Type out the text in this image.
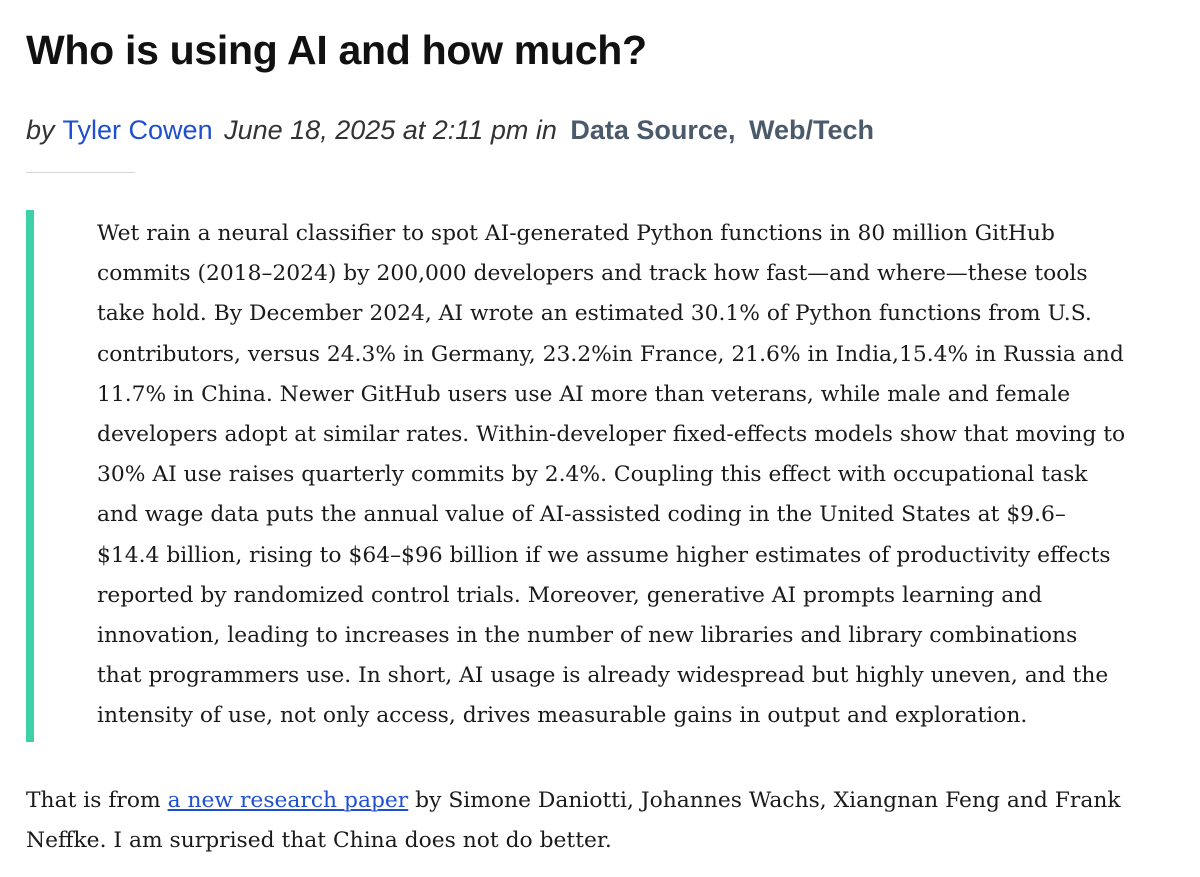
Who is using AI and how much?
by Tyler Cowen June 18, 2025 at 2:11 pm in Data Source, Web/Tech

Wet rain a neural classifier to spot AI-generated Python functions in 80 million GitHub commits (2018–2024) by 200,000 developers and track how fast—and where—these tools take hold. By December 2024, AI wrote an estimated 30.1% of Python functions from U.S. contributors, versus 24.3% in Germany, 23.2%in France, 21.6% in India,15.4% in Russia and 11.7% in China. Newer GitHub users use AI more than veterans, while male and female developers adopt at similar rates. Within-developer fixed-effects models show that moving to 30% AI use raises quarterly commits by 2.4%. Coupling this effect with occupational task and wage data puts the annual value of AI-assisted coding in the United States at $9.6–$14.4 billion, rising to $64–$96 billion if we assume higher estimates of productivity effects reported by randomized control trials. Moreover, generative AI prompts learning and innovation, leading to increases in the number of new libraries and library combinations that programmers use. In short, AI usage is already widespread but highly uneven, and the intensity of use, not only access, drives measurable gains in output and exploration.

That is from a new research paper by Simone Daniotti, Johannes Wachs, Xiangnan Feng and Frank Neffke. I am surprised that China does not do better.
